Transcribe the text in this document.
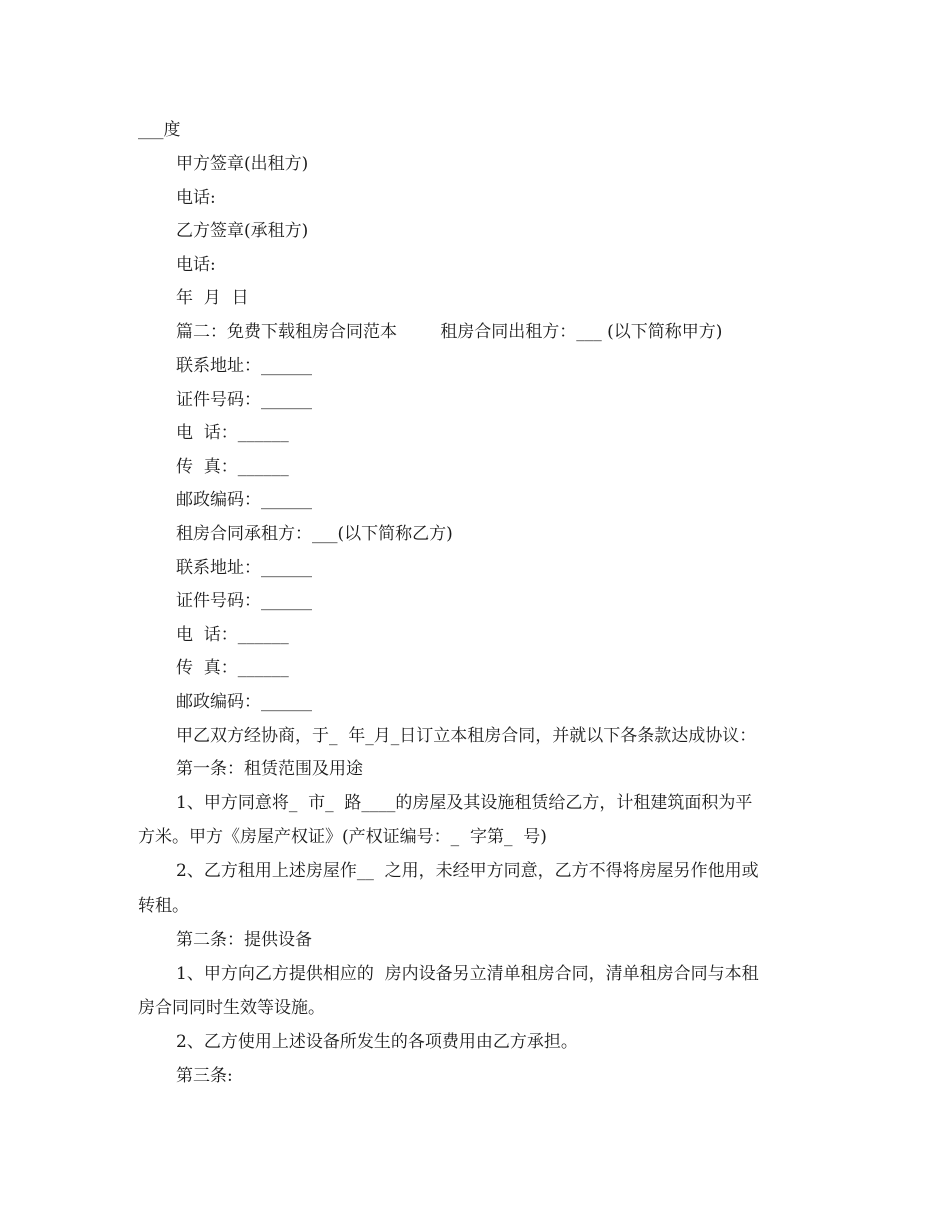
___度
甲方签章(出租方)
电话:
乙方签章(承租方)
电话:
年  月  日
篇二：免费下载租房合同范本        租房合同出租方：___ (以下简称甲方)
联系地址：______
证件号码：______
电  话：______
传  真：______
邮政编码：______
租房合同承租方：___(以下简称乙方)
联系地址：______
证件号码：______
电  话：______
传  真：______
邮政编码：______
甲乙双方经协商，于_  年_月_日订立本租房合同，并就以下各条款达成协议：
第一条：租赁范围及用途
1、甲方同意将_  市_  路____的房屋及其设施租赁给乙方，计租建筑面积为平
方米。甲方《房屋产权证》(产权证编号：_  字第_  号)
2、乙方租用上述房屋作__  之用，未经甲方同意，乙方不得将房屋另作他用或
转租。
第二条：提供设备
1、甲方向乙方提供相应的  房内设备另立清单租房合同，清单租房合同与本租
房合同同时生效等设施。
2、乙方使用上述设备所发生的各项费用由乙方承担。
第三条:
